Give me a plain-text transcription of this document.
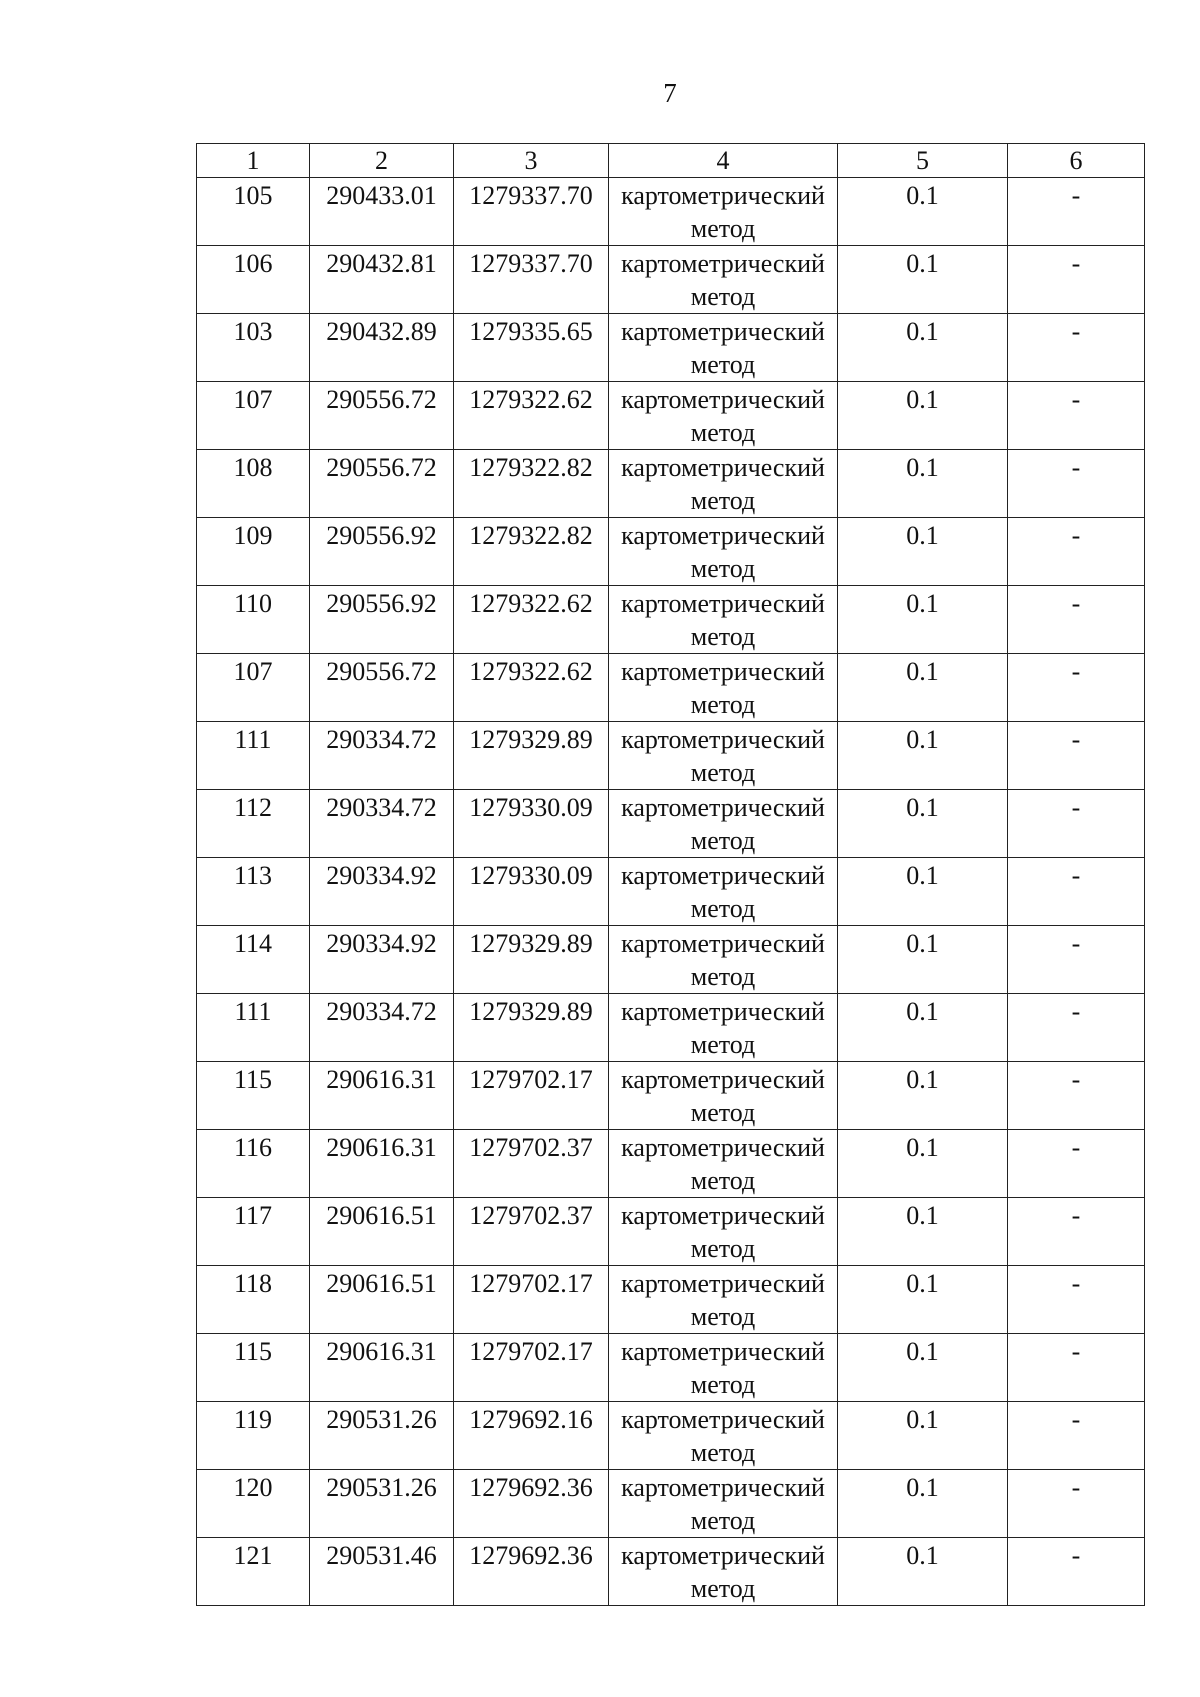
7
1	2	3	4	5	6
105	290433.01	1279337.70	картометрический метод	0.1	-
106	290432.81	1279337.70	картометрический метод	0.1	-
103	290432.89	1279335.65	картометрический метод	0.1	-
107	290556.72	1279322.62	картометрический метод	0.1	-
108	290556.72	1279322.82	картометрический метод	0.1	-
109	290556.92	1279322.82	картометрический метод	0.1	-
110	290556.92	1279322.62	картометрический метод	0.1	-
107	290556.72	1279322.62	картометрический метод	0.1	-
111	290334.72	1279329.89	картометрический метод	0.1	-
112	290334.72	1279330.09	картометрический метод	0.1	-
113	290334.92	1279330.09	картометрический метод	0.1	-
114	290334.92	1279329.89	картометрический метод	0.1	-
111	290334.72	1279329.89	картометрический метод	0.1	-
115	290616.31	1279702.17	картометрический метод	0.1	-
116	290616.31	1279702.37	картометрический метод	0.1	-
117	290616.51	1279702.37	картометрический метод	0.1	-
118	290616.51	1279702.17	картометрический метод	0.1	-
115	290616.31	1279702.17	картометрический метод	0.1	-
119	290531.26	1279692.16	картометрический метод	0.1	-
120	290531.26	1279692.36	картометрический метод	0.1	-
121	290531.46	1279692.36	картометрический метод	0.1	-
